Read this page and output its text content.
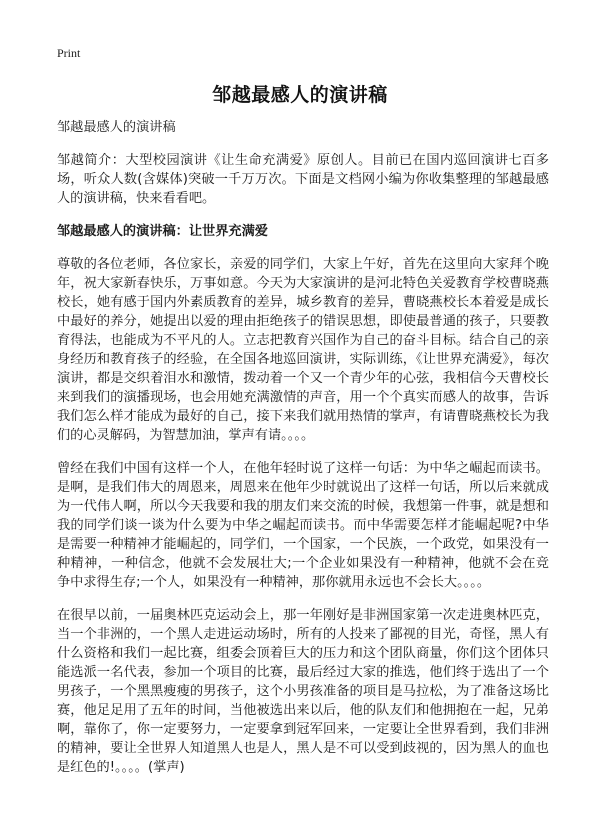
Print
邹越最感人的演讲稿

邹越最感人的演讲稿

邹越简介：大型校园演讲《让生命充满爱》原创人。目前已在国内巡回演讲七百多场，听众人数(含媒体)突破一千万万次。下面是文档网小编为你收集整理的邹越最感人的演讲稿，快来看看吧。

邹越最感人的演讲稿：让世界充满爱

尊敬的各位老师，各位家长，亲爱的同学们，大家上午好，首先在这里向大家拜个晚年，祝大家新春快乐，万事如意。今天为大家演讲的是河北特色关爱教育学校曹晓燕校长，她有感于国内外素质教育的差异，城乡教育的差异，曹晓燕校长本着爱是成长中最好的养分，她提出以爱的理由拒绝孩子的错误思想，即使最普通的孩子，只要教育得法，也能成为不平凡的人。立志把教育兴国作为自己的奋斗目标。结合自己的亲身经历和教育孩子的经验，在全国各地巡回演讲，实际训练，《让世界充满爱》，每次演讲，都是交织着泪水和激情，拨动着一个又一个青少年的心弦，我相信今天曹校长来到我们的演播现场，也会用她充满激情的声音，用一个个真实而感人的故事，告诉我们怎么样才能成为最好的自己，接下来我们就用热情的掌声，有请曹晓燕校长为我们的心灵解码，为智慧加油，掌声有请。。。。

曾经在我们中国有这样一个人，在他年轻时说了这样一句话：为中华之崛起而读书。是啊，是我们伟大的周恩来，周恩来在他年少时就说出了这样一句话，所以后来就成为一代伟人啊，所以今天我要和我的朋友们来交流的时候，我想第一件事，就是想和我的同学们谈一谈为什么要为中华之崛起而读书。而中华需要怎样才能崛起呢?中华是需要一种精神才能崛起的，同学们，一个国家，一个民族，一个政党，如果没有一种精神，一种信念，他就不会发展壮大;一个企业如果没有一种精神，他就不会在竞争中求得生存;一个人，如果没有一种精神，那你就用永远也不会长大。。。。

在很早以前，一届奥林匹克运动会上，那一年刚好是非洲国家第一次走进奥林匹克，当一个非洲的，一个黑人走进运动场时，所有的人投来了鄙视的目光，奇怪，黑人有什么资格和我们一起比赛，组委会顶着巨大的压力和这个团队商量，你们这个团体只能选派一名代表，参加一个项目的比赛，最后经过大家的推选，他们终于选出了一个男孩子，一个黑黑瘦瘦的男孩子，这个小男孩准备的项目是马拉松，为了准备这场比赛，他足足用了五年的时间，当他被选出来以后，他的队友们和他拥抱在一起，兄弟啊，靠你了，你一定要努力，一定要拿到冠军回来，一定要让全世界看到，我们非洲的精神，要让全世界人知道黑人也是人，黑人是不可以受到歧视的，因为黑人的血也是红色的!。。。。(掌声)
